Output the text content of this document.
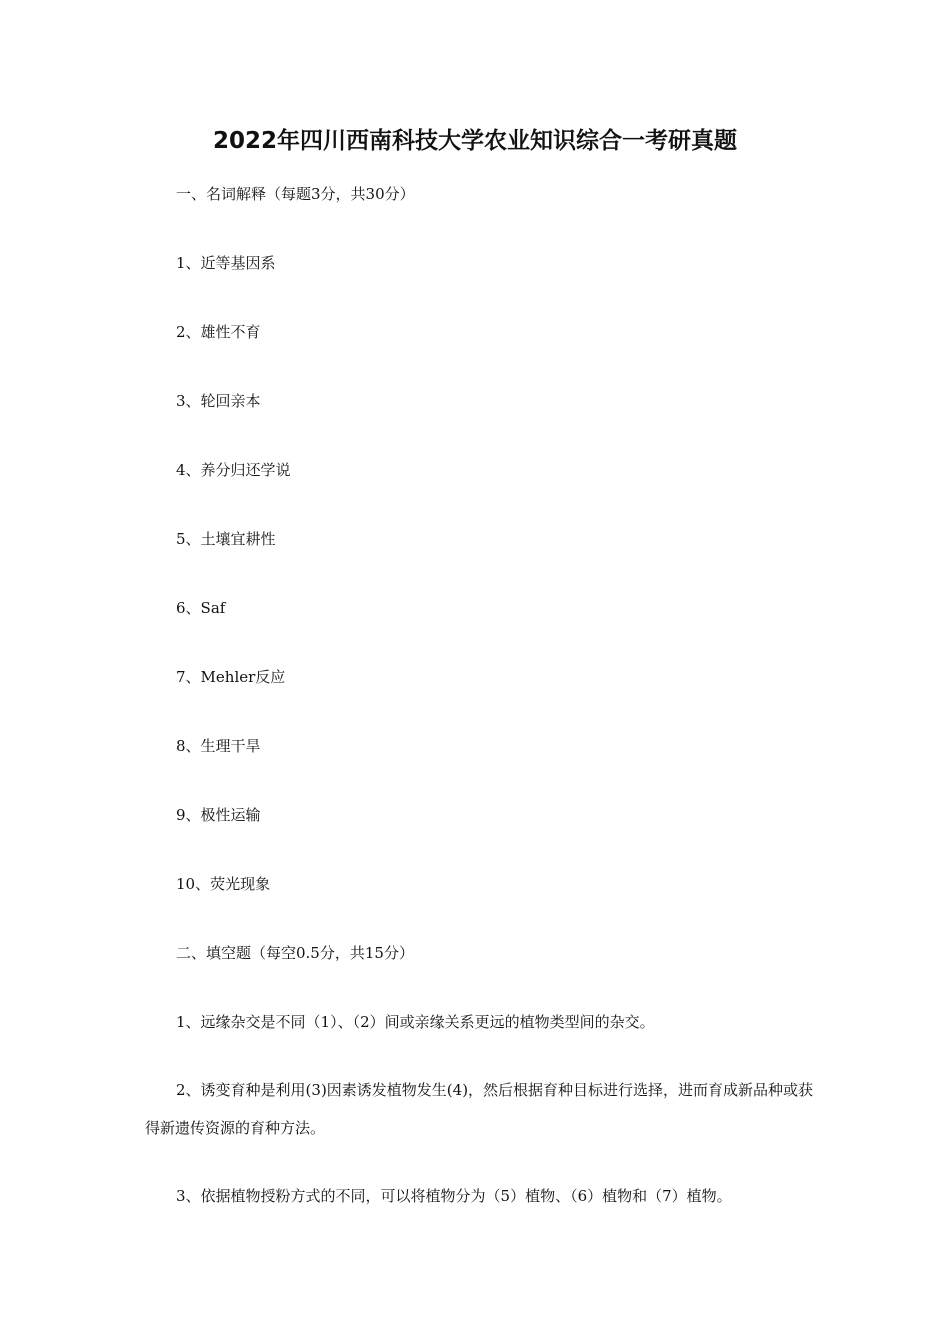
2022年四川西南科技大学农业知识综合一考研真题
一、名词解释（每题3分，共30分）
1、近等基因系
2、雄性不育
3、轮回亲本
4、养分归还学说
5、土壤宜耕性
6、Saf
7、Mehler反应
8、生理干旱
9、极性运输
10、荧光现象
二、填空题（每空0.5分，共15分）
1、远缘杂交是不同（1）、（2）间或亲缘关系更远的植物类型间的杂交。
2、诱变育种是利用(3)因素诱发植物发生(4)，然后根据育种目标进行选择，进而育成新品种或获得新遗传资源的育种方法。
3、依据植物授粉方式的不同，可以将植物分为（5）植物、（6）植物和（7）植物。
